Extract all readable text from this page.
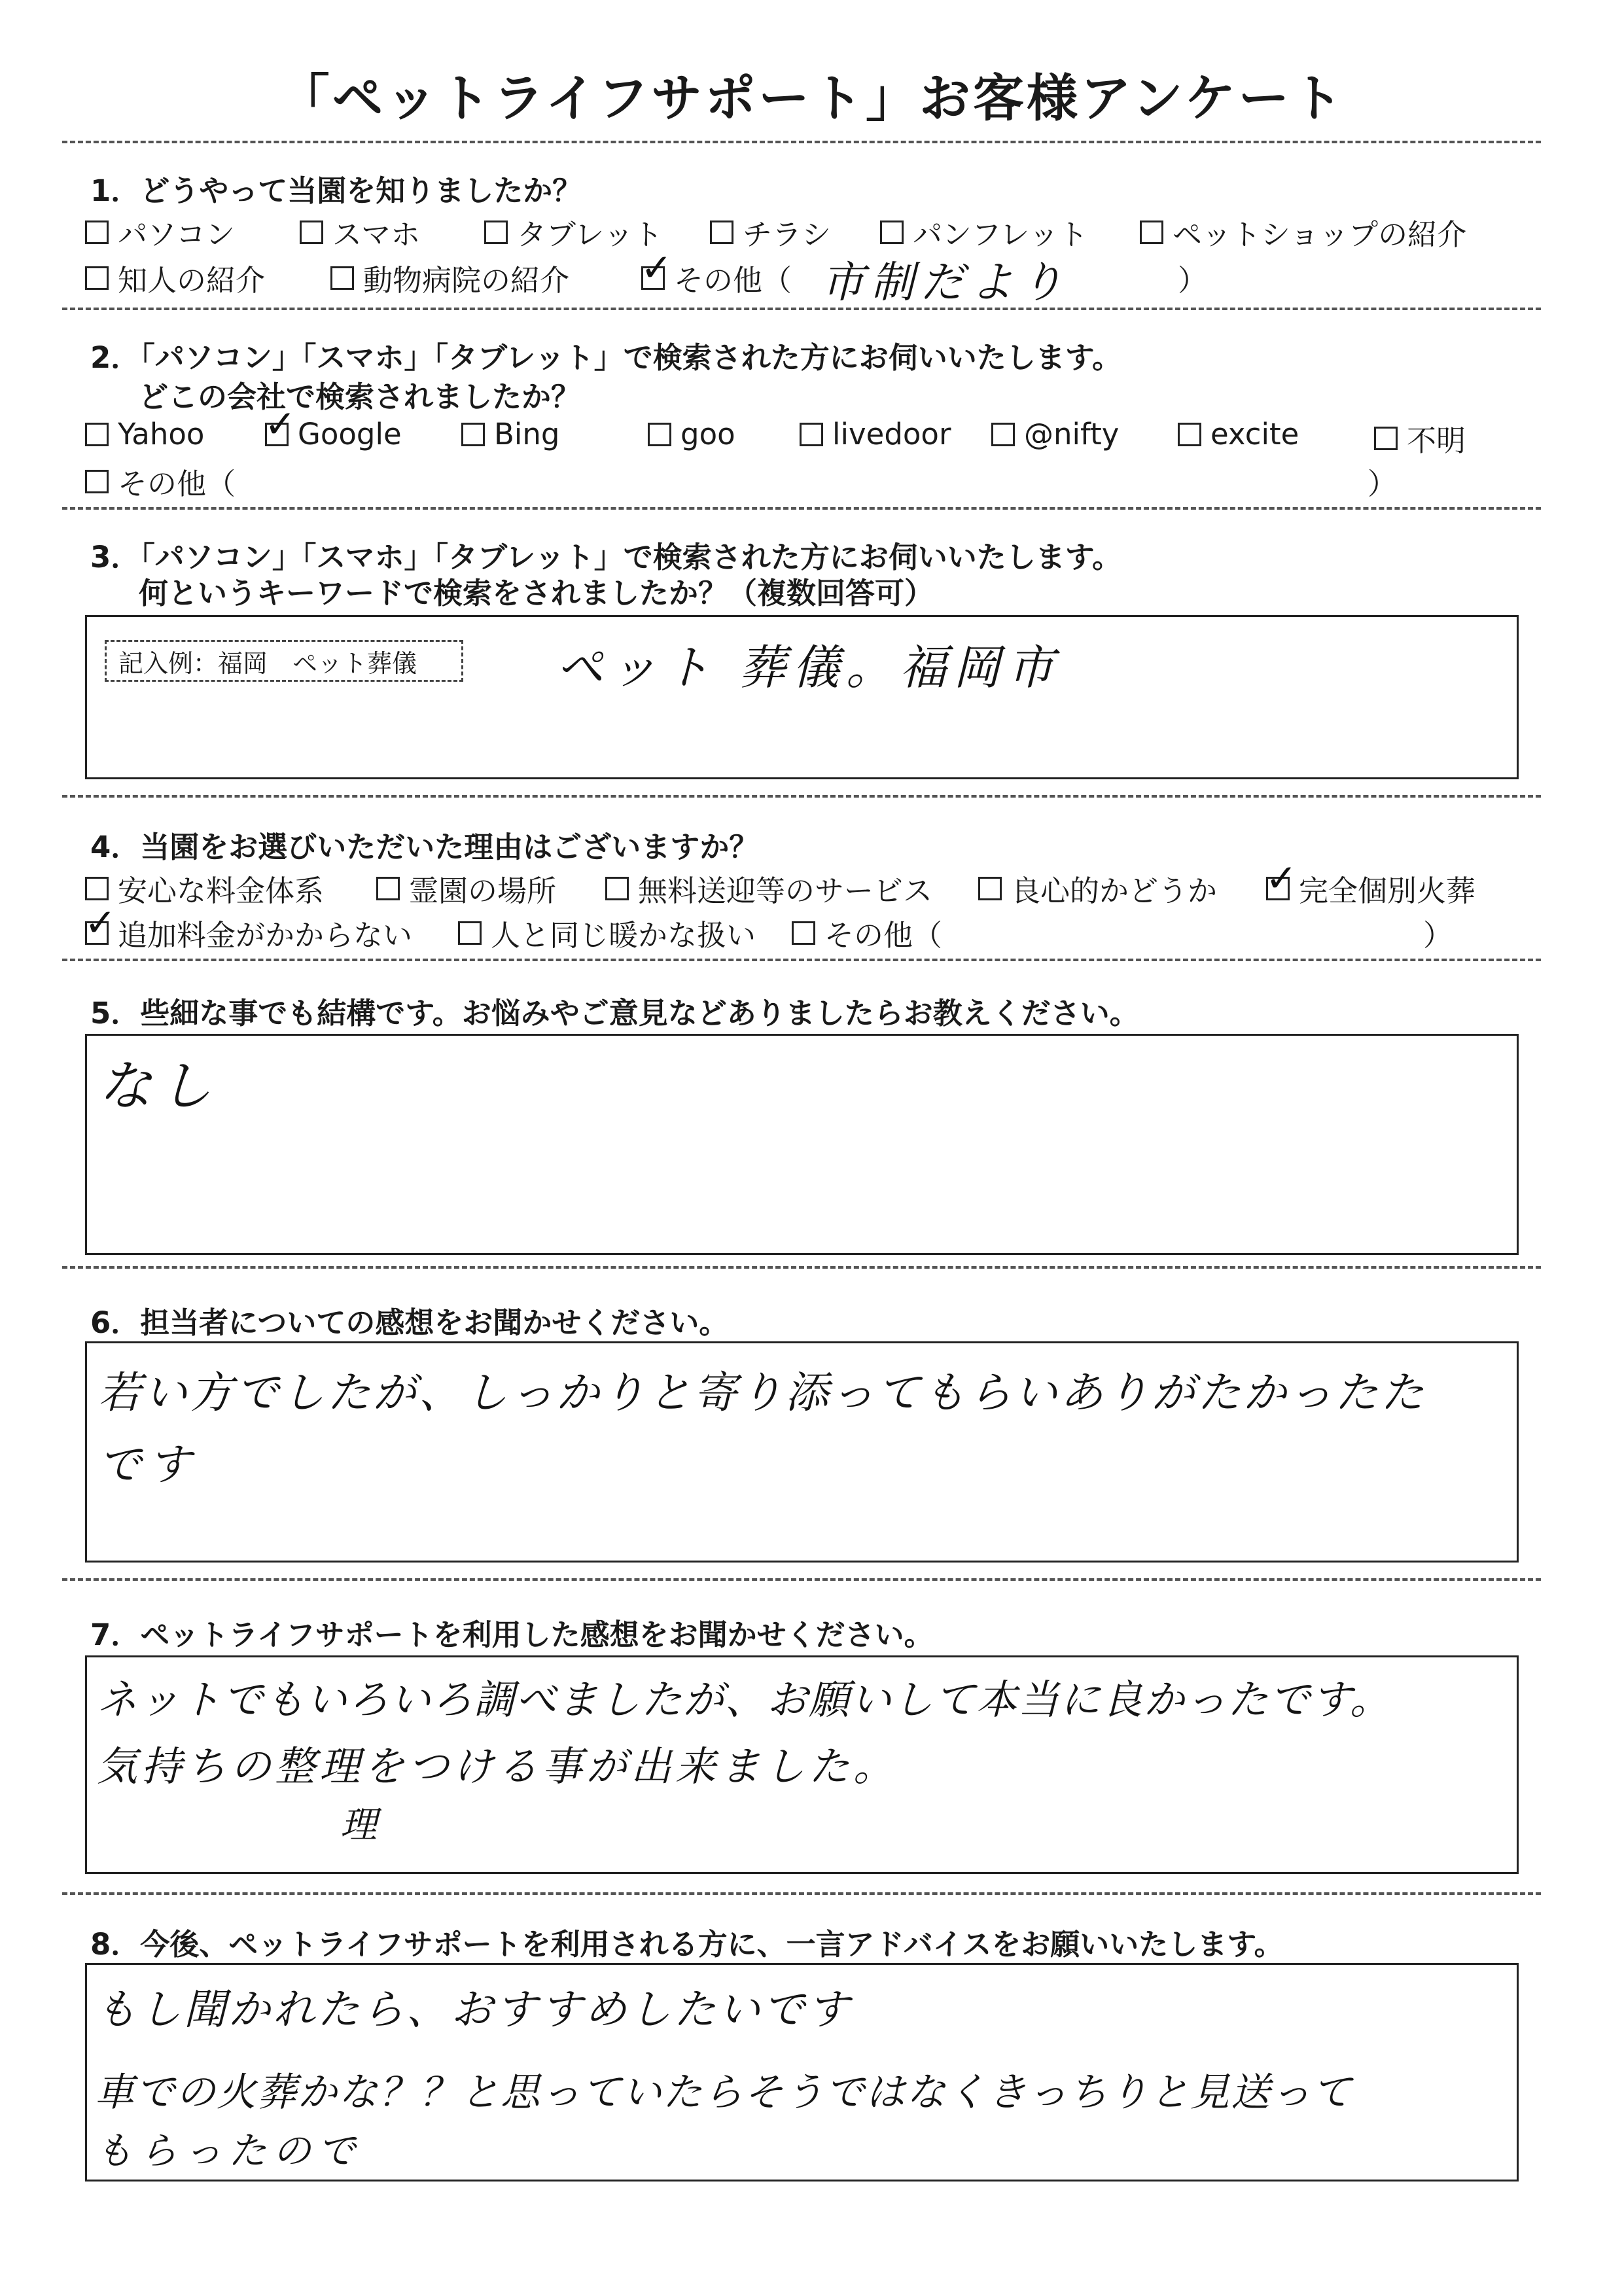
「ペットライフサポート」お客様アンケート
1．どうやって当園を知りましたか？
パソコン	スマホ	タブレット	チラシ	パンフレット	ペットショップの紹介
知人の紹介	動物病院の紹介 ✓ その他（ 市制だより	）
2．「パソコン」「スマホ」「タブレット」で検索された方にお伺いいたします。
どこの会社で検索されましたか？
Yahoo ✓ Google	Bing	goo	livedoor @nifty	excite	不明
その他（	）
3．「パソコン」「スマホ」「タブレット」で検索された方にお伺いいたします。
何というキーワードで検索をされましたか？（複数回答可）
記入例：福岡　ペット葬儀	ペット 葬儀。福岡市
4．当園をお選びいただいた理由はございますか？
安心な料金体系	霊園の場所	無料送迎等のサービス	良心的かどうか ✓ 完全個別火葬
✓ 追加料金がかからない	人と同じ暖かな扱い その他（	）
5．些細な事でも結構です。お悩みやご意見などありましたらお教えください。
なし
6．担当者についての感想をお聞かせください。
若い方でしたが、しっかりと寄り添ってもらいありがたかったた
です
7．ペットライフサポートを利用した感想をお聞かせください。
ネットでもいろいろ調べましたが、お願いして本当に良かったです。
気持ちの整理をつける事が出来ました。
理
8．今後、ペットライフサポートを利用される方に、一言アドバイスをお願いいたします。
もし聞かれたら、おすすめしたいです
車での火葬かな？？と思っていたらそうではなくきっちりと見送って
もらったので
